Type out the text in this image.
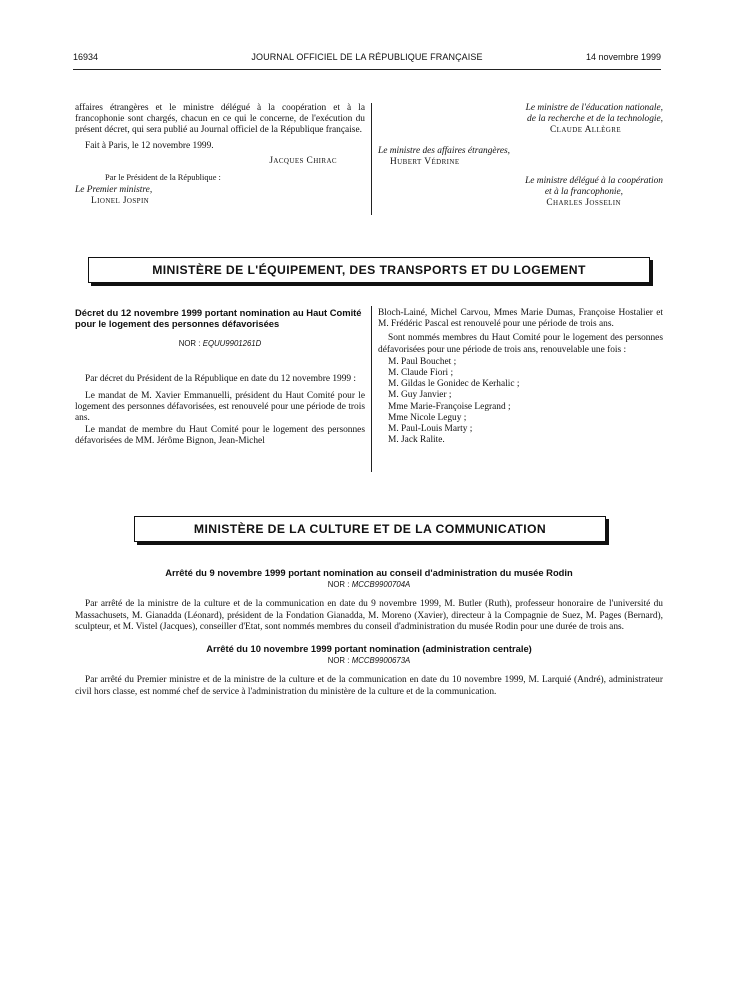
16934	JOURNAL OFFICIEL DE LA RÉPUBLIQUE FRANÇAISE	14 novembre 1999

affaires étrangères et le ministre délégué à la coopération et à la francophonie sont chargés, chacun en ce qui le concerne, de l'exécution du présent décret, qui sera publié au Journal officiel de la République française.

Fait à Paris, le 12 novembre 1999.

Jacques Chirac

Par le Président de la République :

Le Premier ministre,

Lionel Jospin

Le ministre de l'éducation nationale,

de la recherche et de la technologie,

Claude Allègre

Le ministre des affaires étrangères,

Hubert Védrine

Le ministre délégué à la coopération

et à la francophonie,

Charles Josselin

MINISTÈRE DE L'ÉQUIPEMENT, DES TRANSPORTS ET DU LOGEMENT

Décret du 12 novembre 1999 portant nomination au Haut Comité pour le logement des personnes défavorisées

NOR : EQUU9901261D

Par décret du Président de la République en date du 12 novembre 1999 :

Le mandat de M. Xavier Emmanuelli, président du Haut Comité pour le logement des personnes défavorisées, est renouvelé pour une période de trois ans.

Le mandat de membre du Haut Comité pour le logement des personnes défavorisées de MM. Jérôme Bignon, Jean-Michel

Bloch-Lainé, Michel Carvou, Mmes Marie Dumas, Françoise Hostalier et M. Frédéric Pascal est renouvelé pour une période de trois ans.

Sont nommés membres du Haut Comité pour le logement des personnes défavorisées pour une période de trois ans, renouvelable une fois :

M. Paul Bouchet ;
M. Claude Fiori ;
M. Gildas le Gonidec de Kerhalic ;
M. Guy Janvier ;
Mme Marie-Françoise Legrand ;
Mme Nicole Leguy ;
M. Paul-Louis Marty ;
M. Jack Ralite.
MINISTÈRE DE LA CULTURE ET DE LA COMMUNICATION

Arrêté du 9 novembre 1999 portant nomination au conseil d'administration du musée Rodin

NOR : MCCB9900704A

Par arrêté de la ministre de la culture et de la communication en date du 9 novembre 1999, M. Butler (Ruth), professeur honoraire de l'université du Massachusets, M. Gianadda (Léonard), président de la Fondation Gianadda, M. Moreno (Xavier), directeur à la Compagnie de Suez, M. Pages (Bernard), sculpteur, et M. Vistel (Jacques), conseiller d'Etat, sont nommés membres du conseil d'administration du musée Rodin pour une durée de trois ans.

Arrêté du 10 novembre 1999 portant nomination (administration centrale)

NOR : MCCB9900673A

Par arrêté du Premier ministre et de la ministre de la culture et de la communication en date du 10 novembre 1999, M. Larquié (André), administrateur civil hors classe, est nommé chef de service à l'administration du ministère de la culture et de la communication.
